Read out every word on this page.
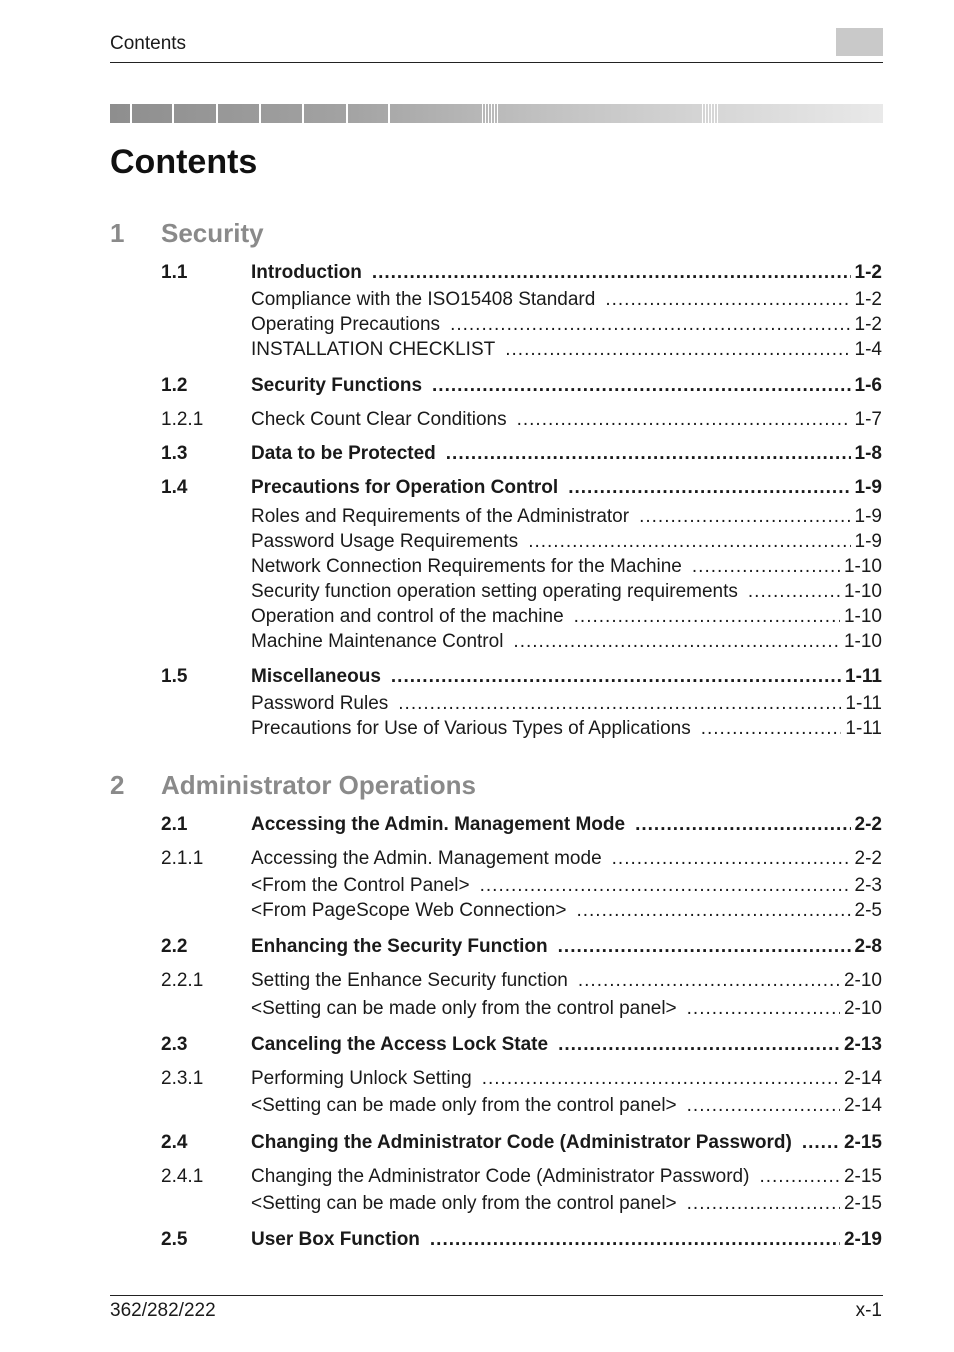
Contents
Contents
1 Security
2 Administrator Operations
1.1	Introduction .....	1-2
Compliance with the ISO15408 Standard .....	1-2
Operating Precautions .....	1-2
INSTALLATION CHECKLIST .....	1-4
1.2	Security Functions .....	1-6
1.2.1	Check Count Clear Conditions .....	1-7
1.3	Data to be Protected .....	1-8
1.4	Precautions for Operation Control .....	1-9
Roles and Requirements of the Administrator .....	1-9
Password Usage Requirements .....	1-9
Network Connection Requirements for the Machine .....	1-10
Security function operation setting operating requirements .....	1-10
Operation and control of the machine .....	1-10
Machine Maintenance Control .....	1-10
1.5	Miscellaneous .....	1-11
Password Rules .....	1-11
Precautions for Use of Various Types of Applications .....	1-11
2.1	Accessing the Admin. Management Mode .....	2-2
2.1.1	Accessing the Admin. Management mode .....	2-2
<From the Control Panel> .....	2-3
<From PageScope Web Connection> .....	2-5
2.2	Enhancing the Security Function .....	2-8
2.2.1	Setting the Enhance Security function .....	2-10
<Setting can be made only from the control panel> .....	2-10
2.3	Canceling the Access Lock State .....	2-13
2.3.1	Performing Unlock Setting .....	2-14
<Setting can be made only from the control panel> .....	2-14
2.4	Changing the Administrator Code (Administrator Password) .....	2-15
2.4.1	Changing the Administrator Code (Administrator Password) .....	2-15
<Setting can be made only from the control panel> .....	2-15
2.5	User Box Function .....	2-19
362/282/222	x-1
